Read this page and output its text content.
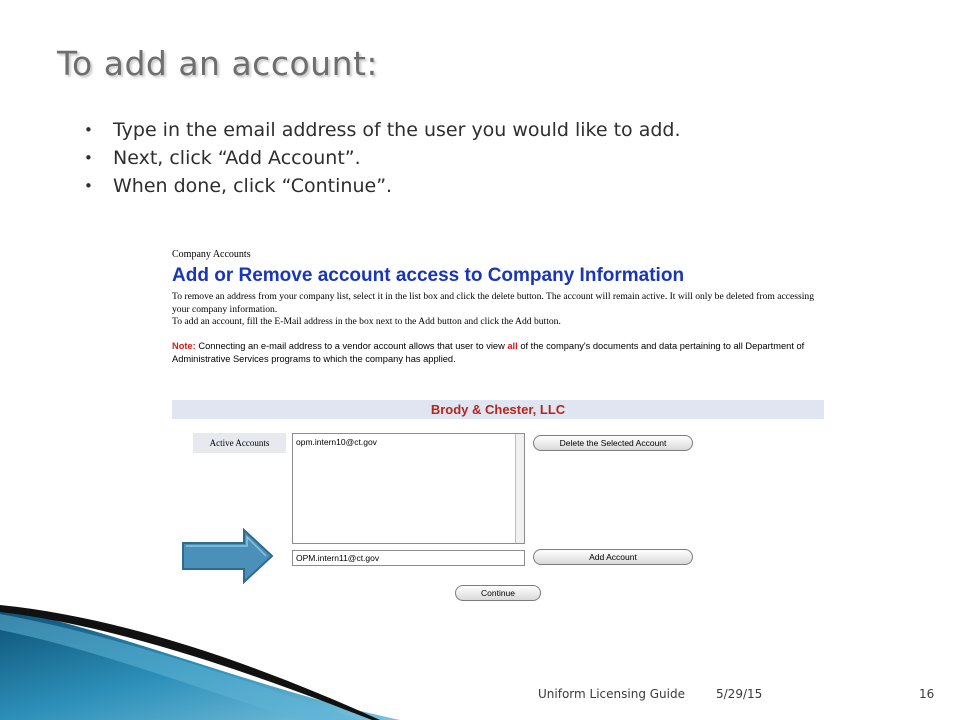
To add an account:
• Type in the email address of the user you would like to add.
• Next, click “Add Account”.
• When done, click “Continue”.
Company Accounts
Add or Remove account access to Company Information

To remove an address from your company list, select it in the list box and click the delete button. The account will remain active. It will only be deleted from accessing your company information.
To add an account, fill the E-Mail address in the box next to the Add button and click the Add button.

Note: Connecting an e-mail address to a vendor account allows that user to view all of the company's documents and data pertaining to all Department of Administrative Services programs to which the company has applied.

Brody & Chester, LLC
Active Accounts	opm.intern10@ct.gov	Delete the Selected Account
OPM.intern11@ct.gov	Add Account
Continue
Uniform Licensing Guide	5/29/15	16
